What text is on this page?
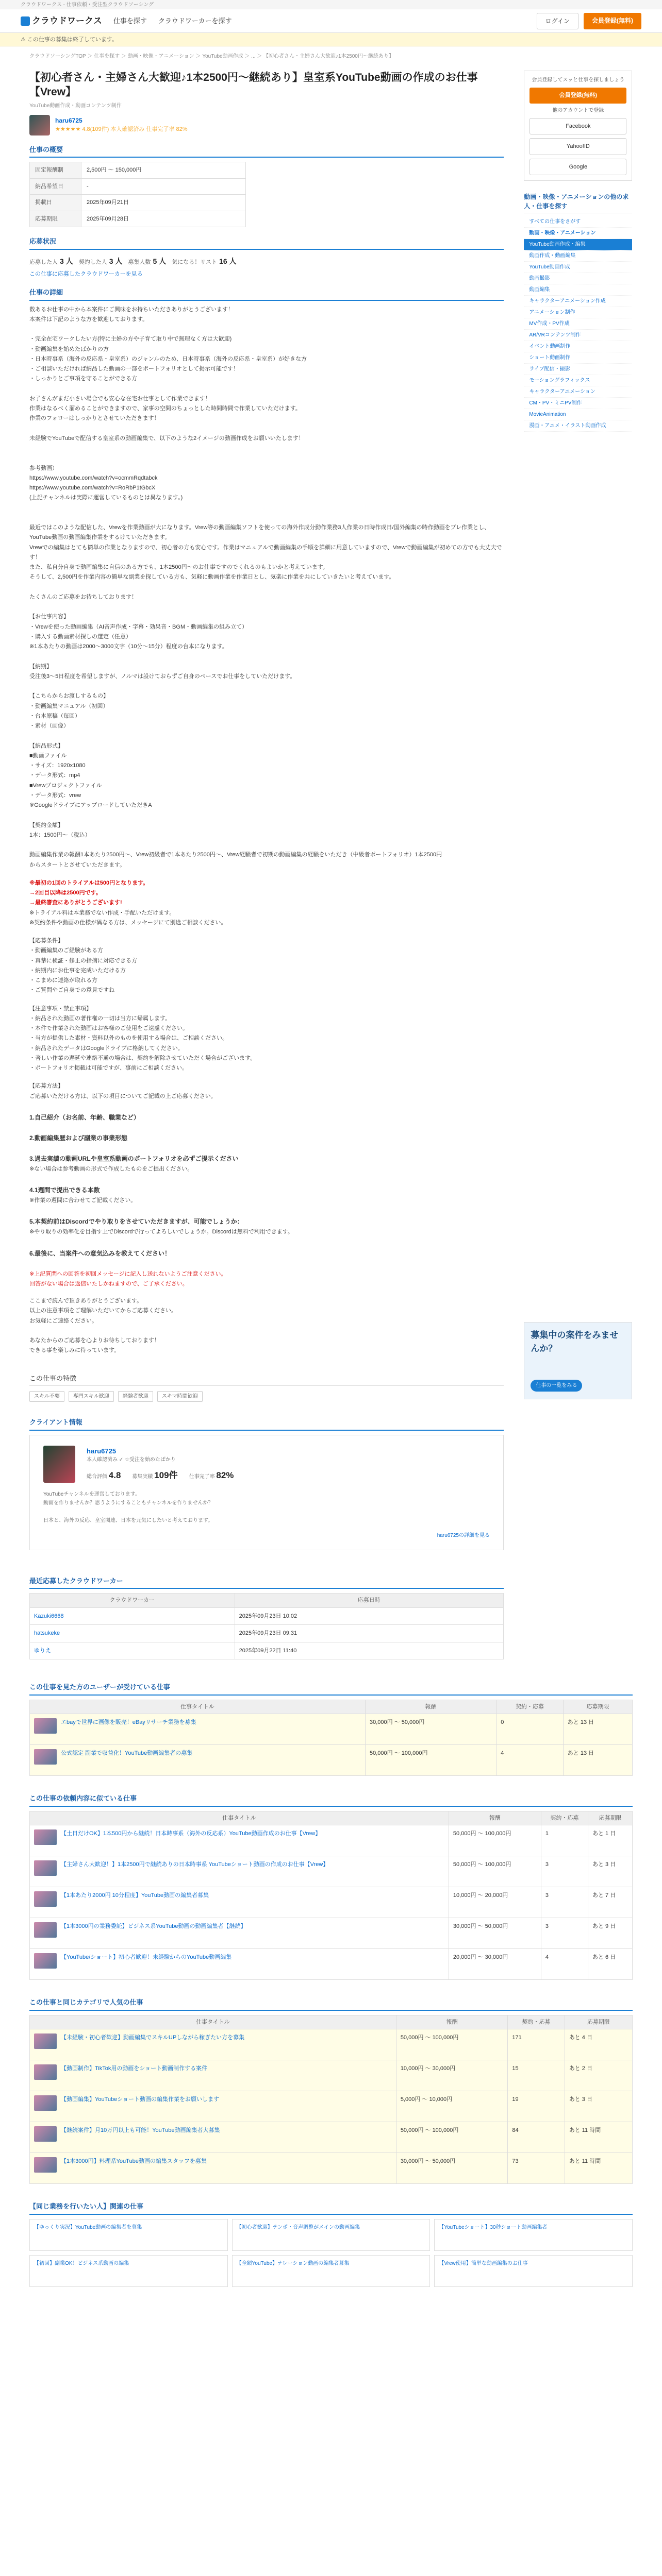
クラウドワークス - 仕事依頼・受注型クラウドソーシング
クラウドワークス 仕事を探す クラウドワーカーを探す	ログイン	会員登録(無料)
⚠ この仕事の募集は終了しています。
クラウドソーシングTOP ＞ 仕事を探す ＞ 動画・映像・アニメーション ＞ YouTube動画作成 ＞ ... ＞ 【初心者さん・主婦さん大歓迎♪1本2500円～継続あり】
【初心者さん・主婦さん大歓迎♪1本2500円～継続あり】皇室系YouTube動画の作成のお仕事【Vrew】
YouTube動画作成・動画コンテンツ制作
haru6725
★★★★★ 4.8(109件) 本人確認済み 仕事完了率 82%
仕事の概要
固定報酬制	2,500円 〜 150,000円
納品希望日	-
掲載日	2025年09月21日
応募期限	2025年09月28日
応募状況
応募した人 3 人 契約した人 3 人 募集人数 5 人 気になる！リスト 16 人
この仕事に応募したクラウドワーカーを見る
仕事の詳細
数あるお仕事の中から本案件にご興味をお持ちいただきありがとうございます！
本案件は下記のような方を歓迎しております。

・完全在宅ワークしたい方(特に主婦の方や子育て取り中で無理なく方は大歓迎)
・動画編集を始めたばかりの方
・日本時事系（海外の反応系・皇室系）のジャンルのため、日本時事系（海外の反応系・皇室系）が好きな方
・ご相談いただければ納品した動画の一部をポートフォリオとして掲示可能です！
・しっかりとご事項を守ることができる方

お子さんがまだ小さい場合でも安心な在宅お仕事として作業できます！
作業はなるべく溜めることができますので、家事の空間のちょっとした時間時間で作業していただけます。
作業のフォローはしっかりとさせていただきます！

未経験でYouTubeで配信する皇室系の動画編集で、以下のような2イメージの動画作成をお願いいたします！

参考動画）
https://www.youtube.com/watch?v=ocmmRqdtabck
https://www.youtube.com/watch?v=RoRbP1tGbcX
(上記チャンネルは実際に運営しているものとは異なります。)

最近ではこのような配信した、Vrewを作業動画が大になります。Vrew等の動画編集ソフトを使っての海外作成分動作業務3人作業の日時作成日/国外編集の時作動画をプレ作業とし、YouTube動画の動画編集作業をするけていただきます。
Vrewでの編集はとても簡単の作業となりますので、初心者の方も安心です。作業はマニュアルで動画編集の手順を詳細に用意していますので、Vrewで動画編集が初めての方でも大丈夫です！
また、私自分自身で動画編集に自信のある方でも、1本2500円～のお仕事ですのでくれるのもよいかと考えています。
そうして、2,500円を作業内容の簡単な副業を探している方も、気軽に動画作業を作業日とし、気楽に作業を共にしていきたいと考えています。

たくさんのご応募をお待ちしております！

【お仕事内容】
・Vrewを使った動画編集（AI音声作成・字幕・効果音・BGM・動画編集の組み立て）
・購入する動画素材探しの選定（任意）
※1本あたりの動画は2000〜3000文字（10分～15分）程度の台本になります。

【納期】
受注後3〜5日程度を希望しますが、ノルマは設けておらずご自身のペースでお仕事をしていただけます。

【こちらからお渡しするもの】
・動画編集マニュアル（初回）
・台本原稿（毎回）
・素材（画像）

【納品形式】
■動画ファイル
・サイズ：1920x1080
・データ形式：mp4
■Vrewプロジェクトファイル
・データ形式：vrew
※GoogleドライブにアップロードしていただきA

【契約金額】
1本：1500円～（税込）

動画編集作業の報酬1本あたり2500円～、Vrew初級者で1本あたり2500円～、Vrew経験者で初期の動画編集の経験をいただき（中級者ポートフォリオ）1本2500円
からスタートとさせていただきます。
※最初の1回のトライアルは500円となります。
→2回目以降は2500円です。
→最終審査にありがとうございます!
※トライアル料は本業務でない作成・手配いただけます。
※契約条件や動画の仕様が異なる方は、メッセージにて別途ご相談ください。
【応募条件】
・動画編集のご経験がある方
・真摯に検証・修正の指摘に対応できる方
・納期内にお仕事を完成いただける方
・こまめに連絡が取れる方
・ご質問やご自身での意見ですね
【注意事項・禁止事項】
・納品された動画の著作権の一切は当方に帰属します。
・本件で作業された動画はお客様のご使用をご遠慮ください。
・当方が提供した素材・資料以外のものを使用する場合は、ご相談ください。
・納品されたデータはGoogleドライブに格納してください。
・著しい作業の遅延や連絡不通の場合は、契約を解除させていただく場合がございます。
・ポートフォリオ掲載は可能ですが、事前にご相談ください。
【応募方法】
ご応募いただける方は、以下の項目についてご記載の上ご応募ください。
1.自己紹介（お名前、年齢、職業など）
2.動画編集歴および副業の事業形態
3.過去実績の動画URLや皇室系動画のポートフォリオを必ずご提示ください
※ない場合は参考動画の形式で作成したものをご提出ください。
4.1週間で提出できる本数
※作業の週間に合わせてご記載ください。
5.本契約前はDiscordでやり取りをさせていただきますが、可能でしょうか：
※やり取りの効率化を目指す上でDiscordで行ってよろしいでしょうか。Discordは無料で利用できます。
6.最後に、当案件への意気込みを教えてください！
※上記質問への回答を初回メッセージに記入し送れないようご注意ください。
回答がない場合は返信いたしかねますので、ご了承ください。
ここまで読んで頂きありがとうございます。
以上の注意事項をご理解いただいてからご応募ください。
お気軽にご連絡ください。

あなたからのご応募を心よりお待ちしております！
できる事を楽しみに待っています。
この仕事の特徴
スキル不要	専門スキル歓迎	経験者歓迎	スキマ時間歓迎
クライアント情報
haru6725
本人確認済み ✓ ☆受注を始めたばかり
総合評価 4.8 募集実績 109件 仕事完了率 82%
YouTubeチャンネルを運営しております。
動画を作りませんか？思うようにすることもチャンネルを作りませんか？

日本と、海外の反応、皇室関連、日本を元気にしたいと考えております。
haru6725の詳細を見る
最近応募したクラウドワーカー
クラウドワーカー	応募日時
Kazuki6668	2025年09月23日 10:02
hatsukeke	2025年09月23日 09:31
ゆりえ	2025年09月22日 11:40

会員登録してスッと仕事を探しましょう
会員登録(無料)
他のアカウントで登録
Facebook
Yahoo!ID
Google
動画・映像・アニメーションの他の求人・仕事を探す
すべての仕事をさがす
動画・映像・アニメーション
YouTube動画作成・編集
動画作成・動画編集
YouTube動画作成
動画撮影
動画編集
キャラクターアニメーション作成
アニメーション制作
MV作成・PV作成
AR/VRコンテンツ制作
イベント動画制作
ショート動画制作
ライブ配信・撮影
モーショングラフィックス
キャラクターアニメーション
CM・PV・ミニPV制作
MovieAnimation
漫画・アニメ・イラスト動画作成
募集中の案件をみませんか？
仕事の一覧をみる
この仕事を見た方のユーザーが受けている仕事
仕事タイトル	報酬	契約・応募	応募期限
エbayで世界に画像を販売！eBayリサーチ業務を募集	30,000円 〜 50,000円	0	あと 13 日
公式認定 副業で収益化！YouTube動画編集者の募集	50,000円 〜 100,000円	4	あと 13 日
この仕事の依頼内容に似ている仕事
仕事タイトル	報酬	契約・応募	応募期限
【土日だけOK】1本500円から継続！日本時事系（海外の反応系）YouTube動画作成のお仕事【Vrew】	50,000円 〜 100,000円	1	あと 1 日
【主婦さん大歓迎！】1本2500円で継続ありの日本時事系 YouTubeショート動画の作成のお仕事【Vrew】	50,000円 〜 100,000円	3	あと 3 日
【1本あたり2000円 10分程度】YouTube動画の編集者募集	10,000円 〜 20,000円	3	あと 7 日
【1本3000円の業務委託】ビジネス系YouTube動画の動画編集者【継続】	30,000円 〜 50,000円	3	あと 9 日
【YouTube/ショート】初心者歓迎！未経験からのYouTube動画編集	20,000円 〜 30,000円	4	あと 6 日
この仕事と同じカテゴリで人気の仕事
仕事タイトル	報酬	契約・応募	応募期限
【未経験・初心者歓迎】動画編集でスキルUPしながら稼ぎたい方を募集	50,000円 〜 100,000円	171	あと 4 日
【動画制作】TikTok用の動画をショート動画制作する案件	10,000円 〜 30,000円	15	あと 2 日
【動画編集】YouTubeショート動画の編集作業をお願いします	5,000円 〜 10,000円	19	あと 3 日
【継続案件】月10万円以上も可能！YouTube動画編集者大募集	50,000円 〜 100,000円	84	あと 11 時間
【1本3000円】料理系YouTube動画の編集スタッフを募集	30,000円 〜 50,000円	73	あと 11 時間
【同じ業務を行いたい人】関連の仕事
【ゆっくり実況】YouTube動画の編集者を募集	【初心者歓迎】テンポ・音声調整がメインの動画編集	【YouTubeショート】30秒ショート動画編集者
【初回】副業OK！ビジネス系動画の編集	【全額YouTube】ナレーション動画の編集者募集	【Vrew使用】簡単な動画編集のお仕事
